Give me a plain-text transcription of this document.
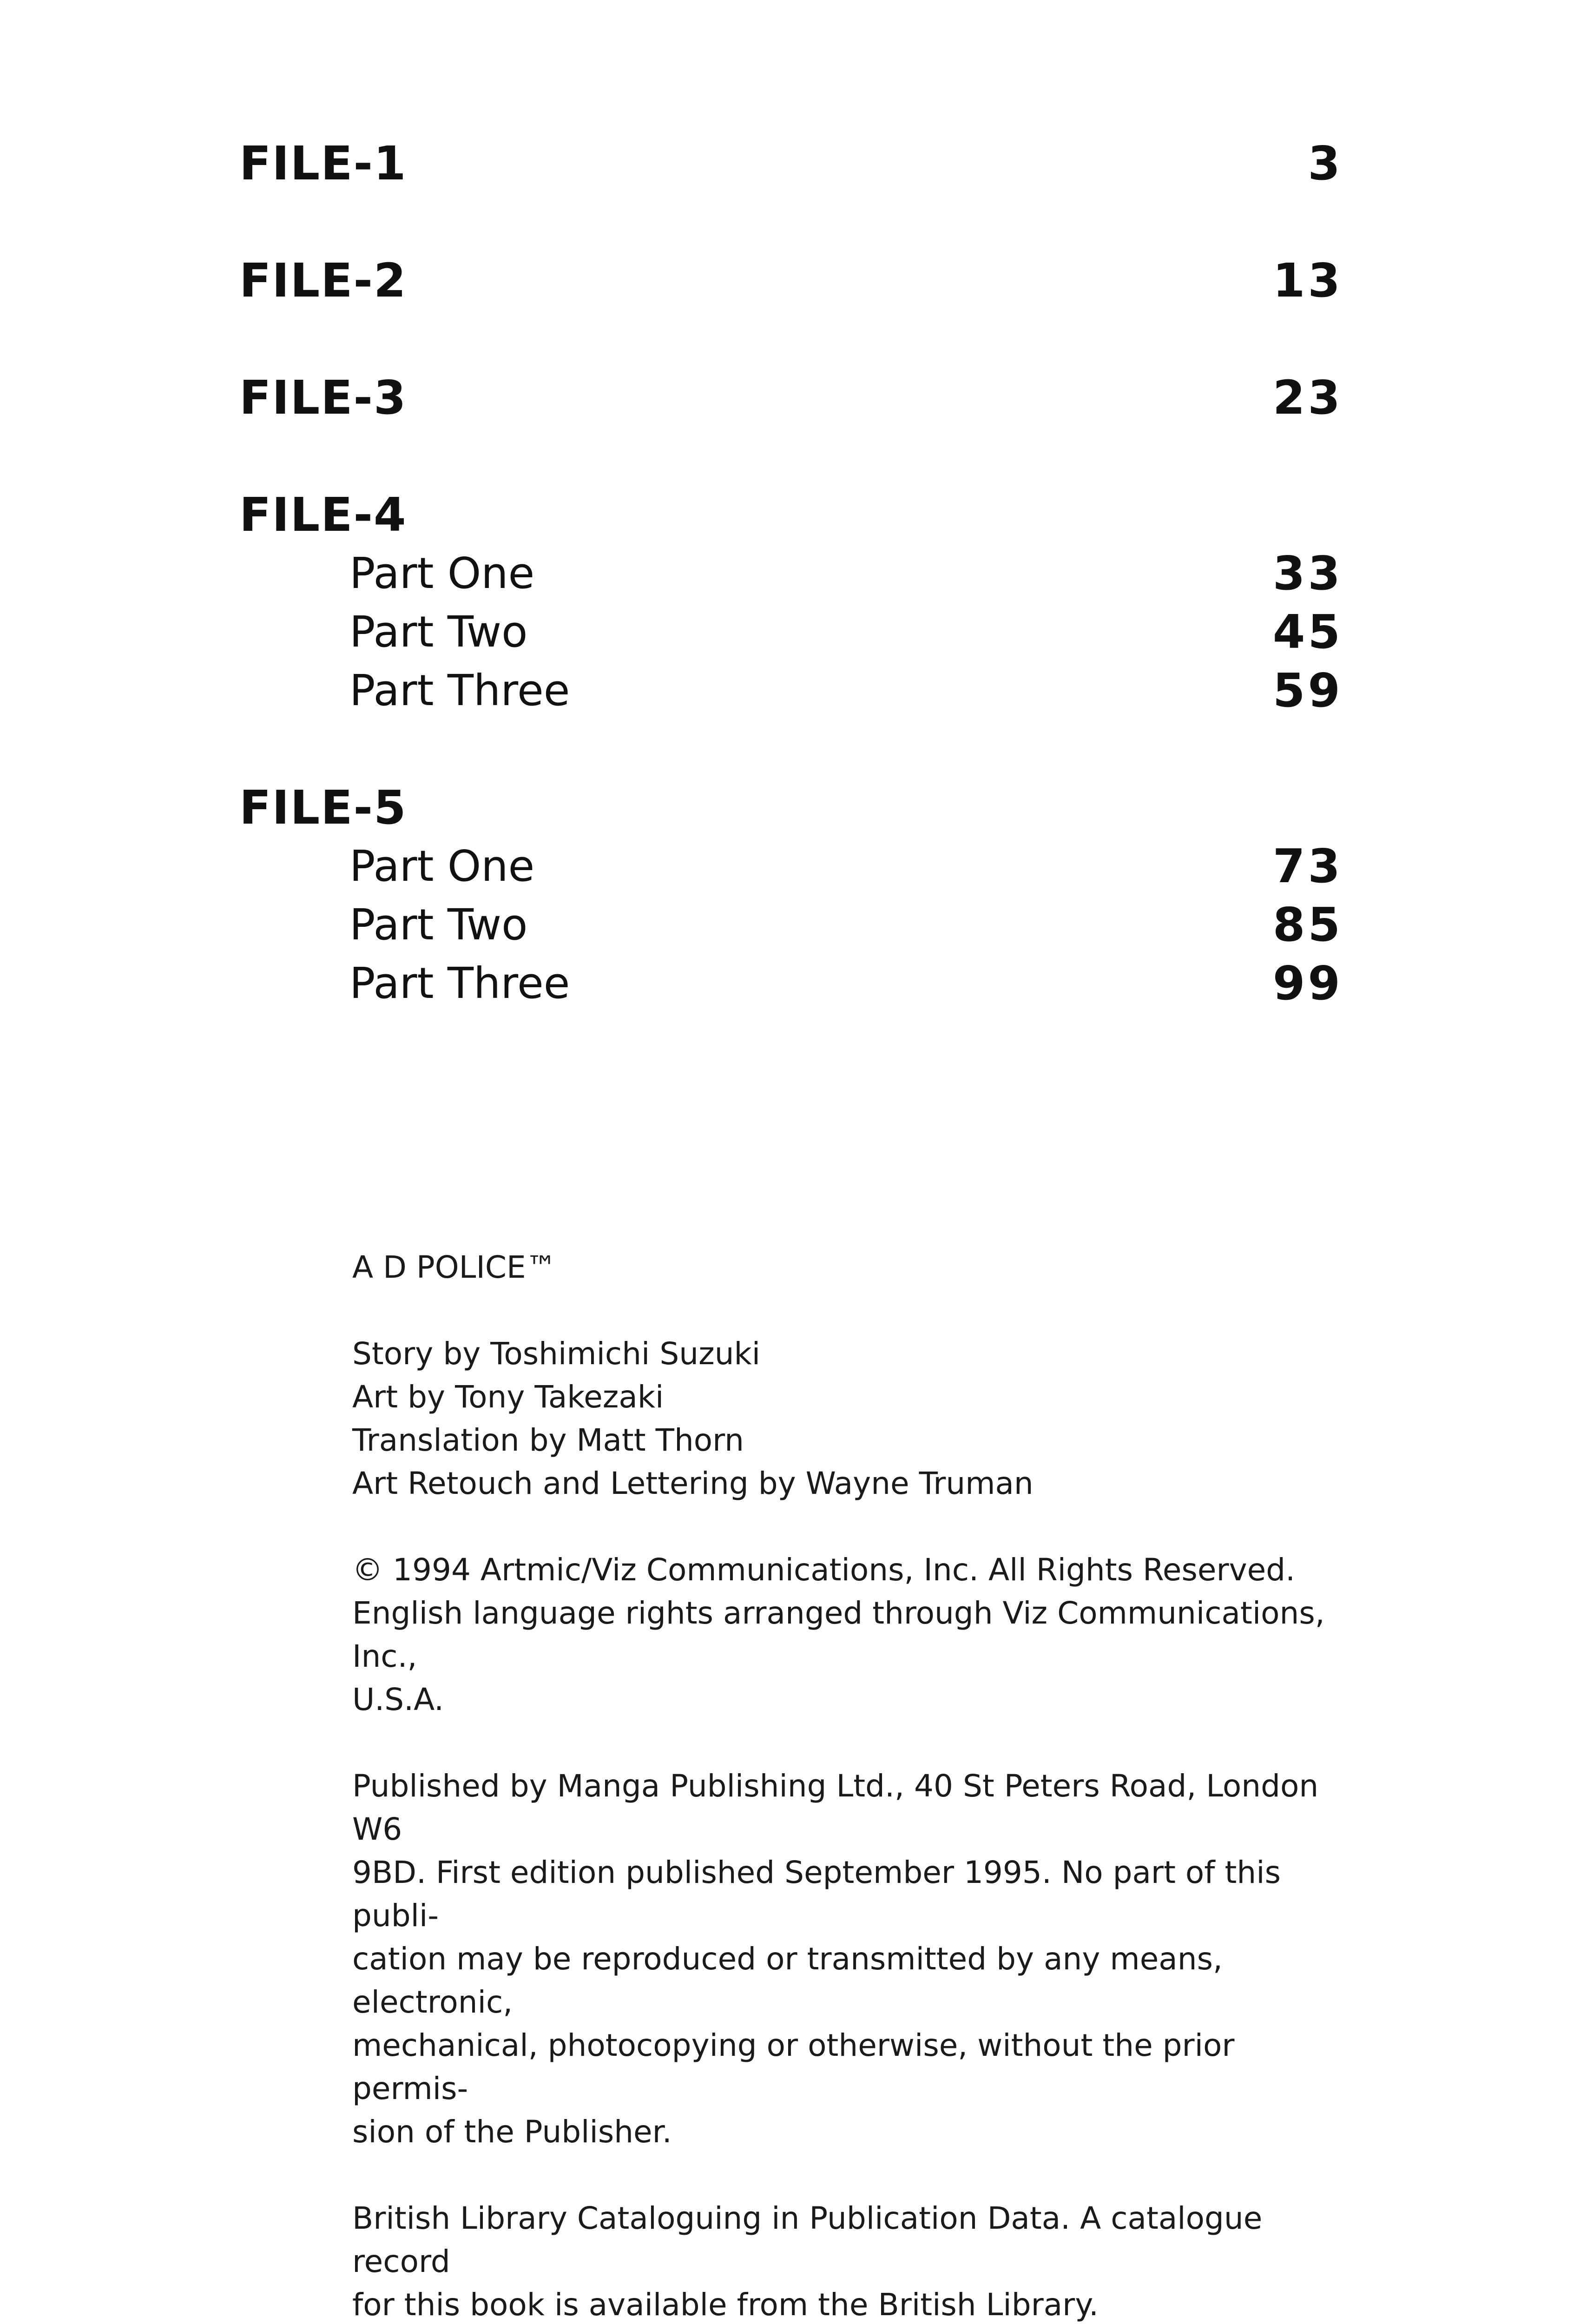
FILE-1	3
FILE-2	13
FILE-3	23
FILE-4
Part One	33
Part Two	45
Part Three	59
FILE-5
Part One	73
Part Two	85
Part Three	99

A D POLICE™

Story by Toshimichi Suzuki

Art by Tony Takezaki

Translation by Matt Thorn

Art Retouch and Lettering by Wayne Truman

© 1994 Artmic/Viz Communications, Inc. All Rights Reserved.

English language rights arranged through Viz Communications, Inc.,

U.S.A.

Published by Manga Publishing Ltd., 40 St Peters Road, London W6

9BD. First edition published September 1995. No part of this publi-

cation may be reproduced or transmitted by any means, electronic,

mechanical, photocopying or otherwise, without the prior permis-

sion of the Publisher.

British Library Cataloguing in Publication Data. A catalogue record

for this book is available from the British Library.
